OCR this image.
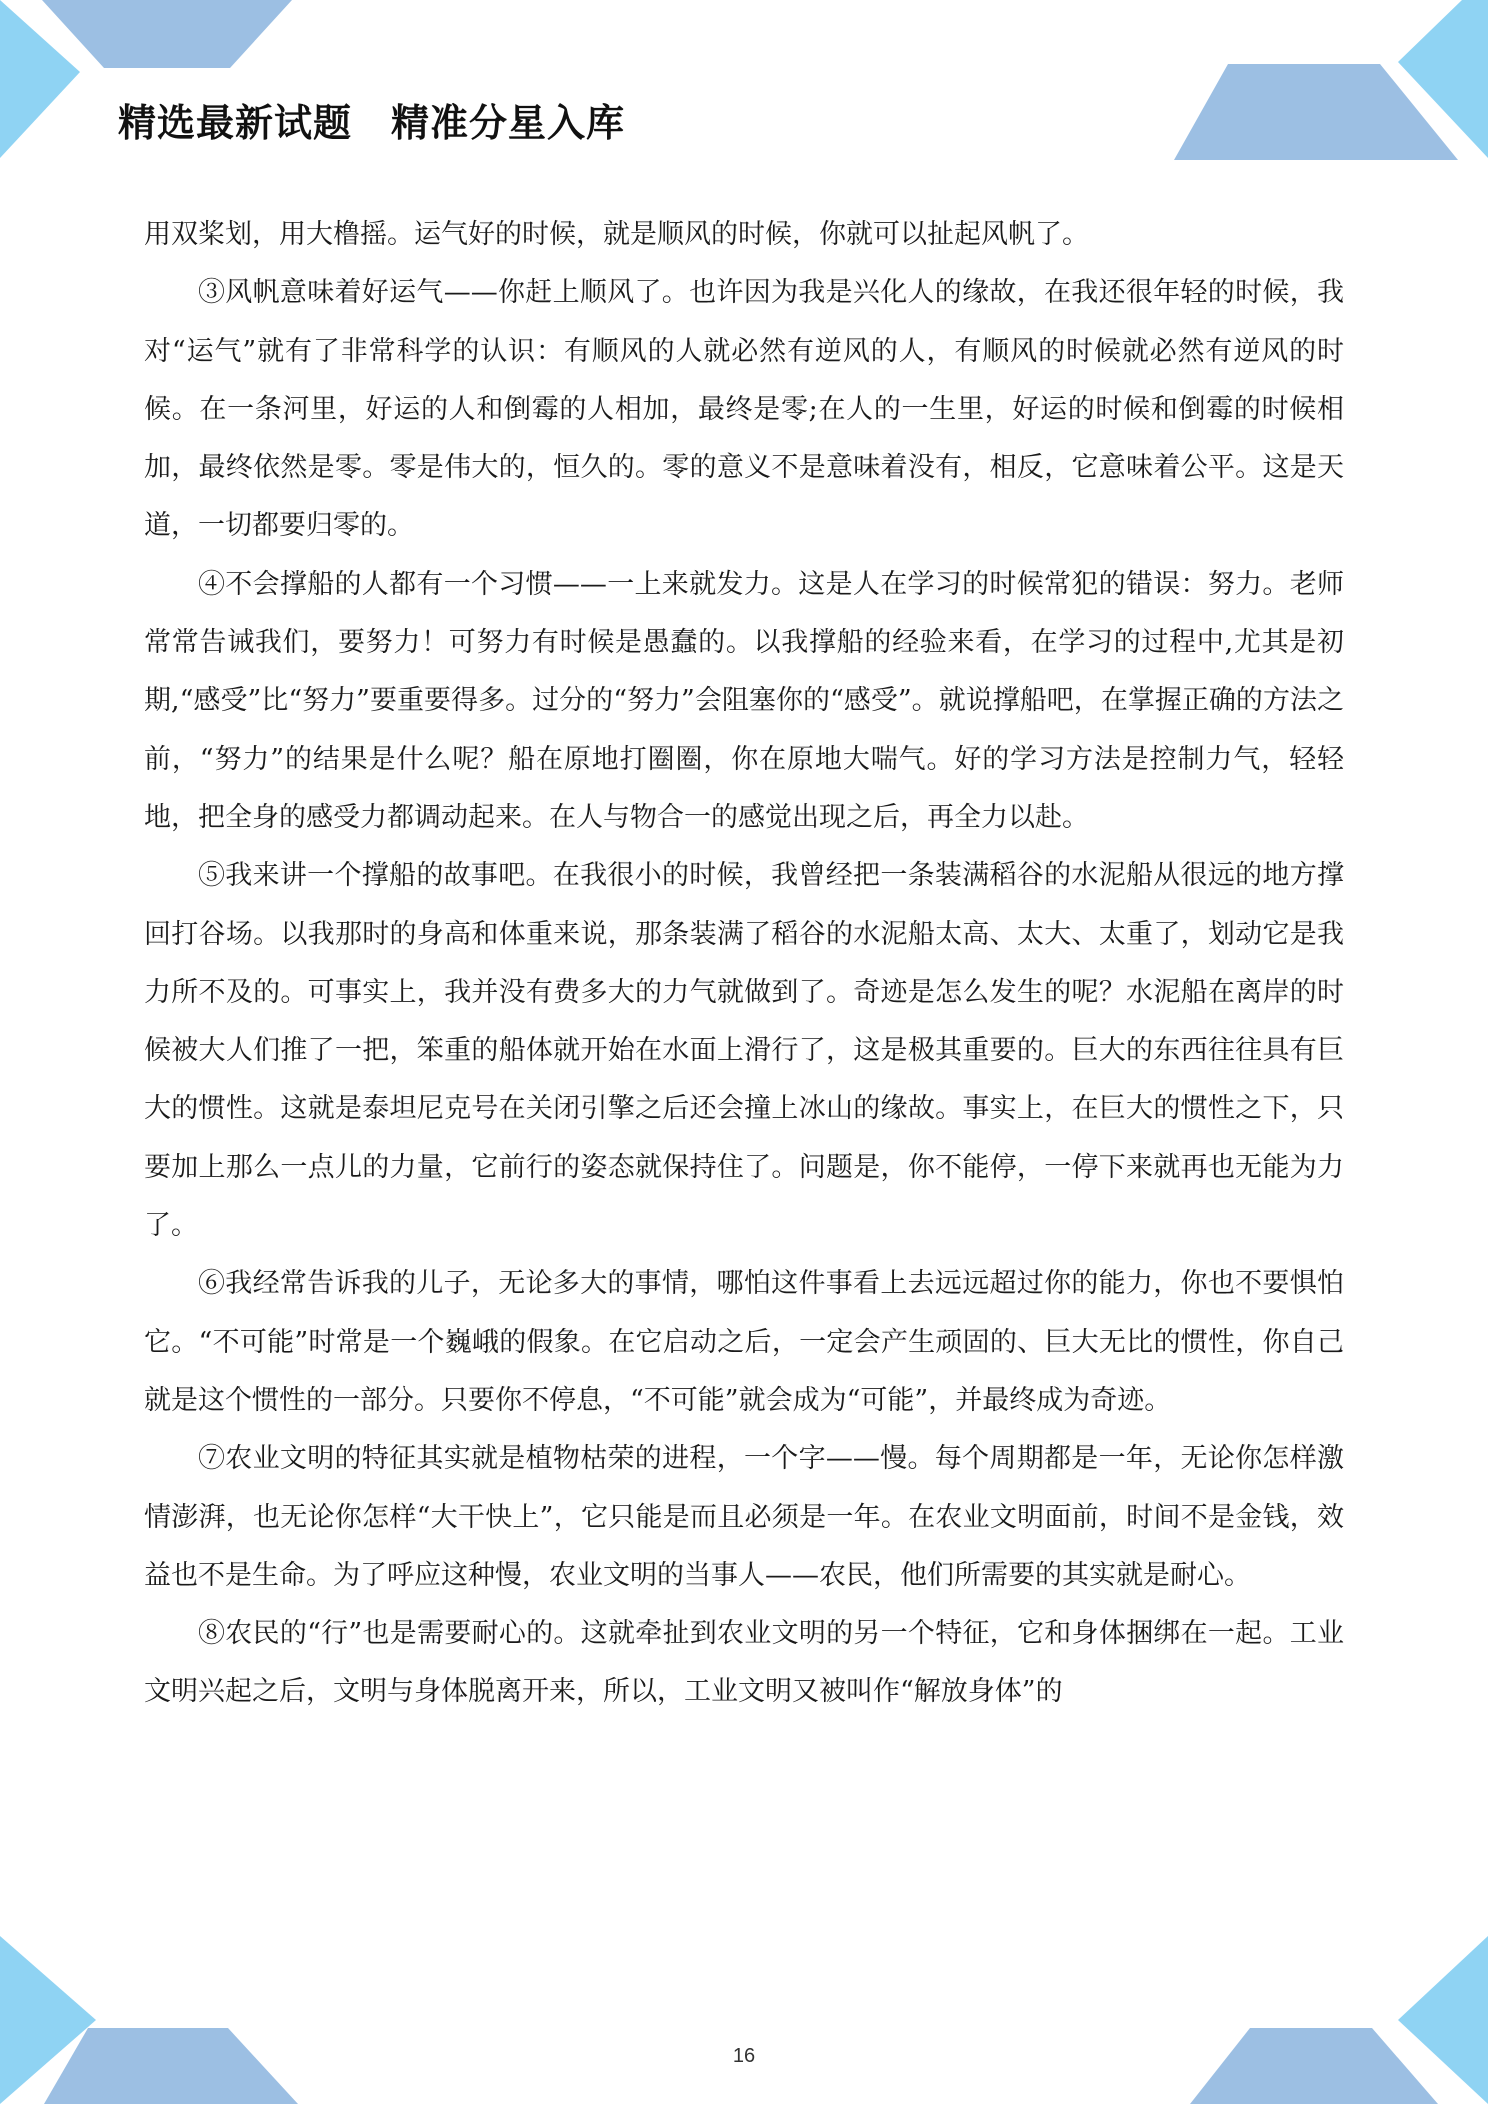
精选最新试题　精准分星入库

用双桨划，用大橹摇。运气好的时候，就是顺风的时候，你就可以扯起风帆了。

③风帆意味着好运气——你赶上顺风了。也许因为我是兴化人的缘故，在我还很年轻的时候，我对“运气”就有了非常科学的认识：有顺风的人就必然有逆风的人，有顺风的时候就必然有逆风的时候。在一条河里，好运的人和倒霉的人相加，最终是零;在人的一生里，好运的时候和倒霉的时候相加，最终依然是零。零是伟大的，恒久的。零的意义不是意味着没有，相反，它意味着公平。这是天道，一切都要归零的。

④不会撑船的人都有一个习惯——一上来就发力。这是人在学习的时候常犯的错误：努力。老师常常告诫我们，要努力！可努力有时候是愚蠢的。以我撑船的经验来看，在学习的过程中,尤其是初期,“感受”比“努力”要重要得多。过分的“努力”会阻塞你的“感受”。就说撑船吧，在掌握正确的方法之前，“努力”的结果是什么呢？船在原地打圈圈，你在原地大喘气。好的学习方法是控制力气，轻轻地，把全身的感受力都调动起来。在人与物合一的感觉出现之后，再全力以赴。

⑤我来讲一个撑船的故事吧。在我很小的时候，我曾经把一条装满稻谷的水泥船从很远的地方撑回打谷场。以我那时的身高和体重来说，那条装满了稻谷的水泥船太高、太大、太重了，划动它是我力所不及的。可事实上，我并没有费多大的力气就做到了。奇迹是怎么发生的呢？水泥船在离岸的时候被大人们推了一把，笨重的船体就开始在水面上滑行了，这是极其重要的。巨大的东西往往具有巨大的惯性。这就是泰坦尼克号在关闭引擎之后还会撞上冰山的缘故。事实上，在巨大的惯性之下，只要加上那么一点儿的力量，它前行的姿态就保持住了。问题是，你不能停，一停下来就再也无能为力了。

⑥我经常告诉我的儿子，无论多大的事情，哪怕这件事看上去远远超过你的能力，你也不要惧怕它。“不可能”时常是一个巍峨的假象。在它启动之后，一定会产生顽固的、巨大无比的惯性，你自己就是这个惯性的一部分。只要你不停息，“不可能”就会成为“可能”，并最终成为奇迹。

⑦农业文明的特征其实就是植物枯荣的进程，一个字——慢。每个周期都是一年，无论你怎样激情澎湃，也无论你怎样“大干快上”，它只能是而且必须是一年。在农业文明面前，时间不是金钱，效益也不是生命。为了呼应这种慢，农业文明的当事人——农民，他们所需要的其实就是耐心。

⑧农民的“行”也是需要耐心的。这就牵扯到农业文明的另一个特征，它和身体捆绑在一起。工业文明兴起之后，文明与身体脱离开来，所以，工业文明又被叫作“解放身体”的

16
